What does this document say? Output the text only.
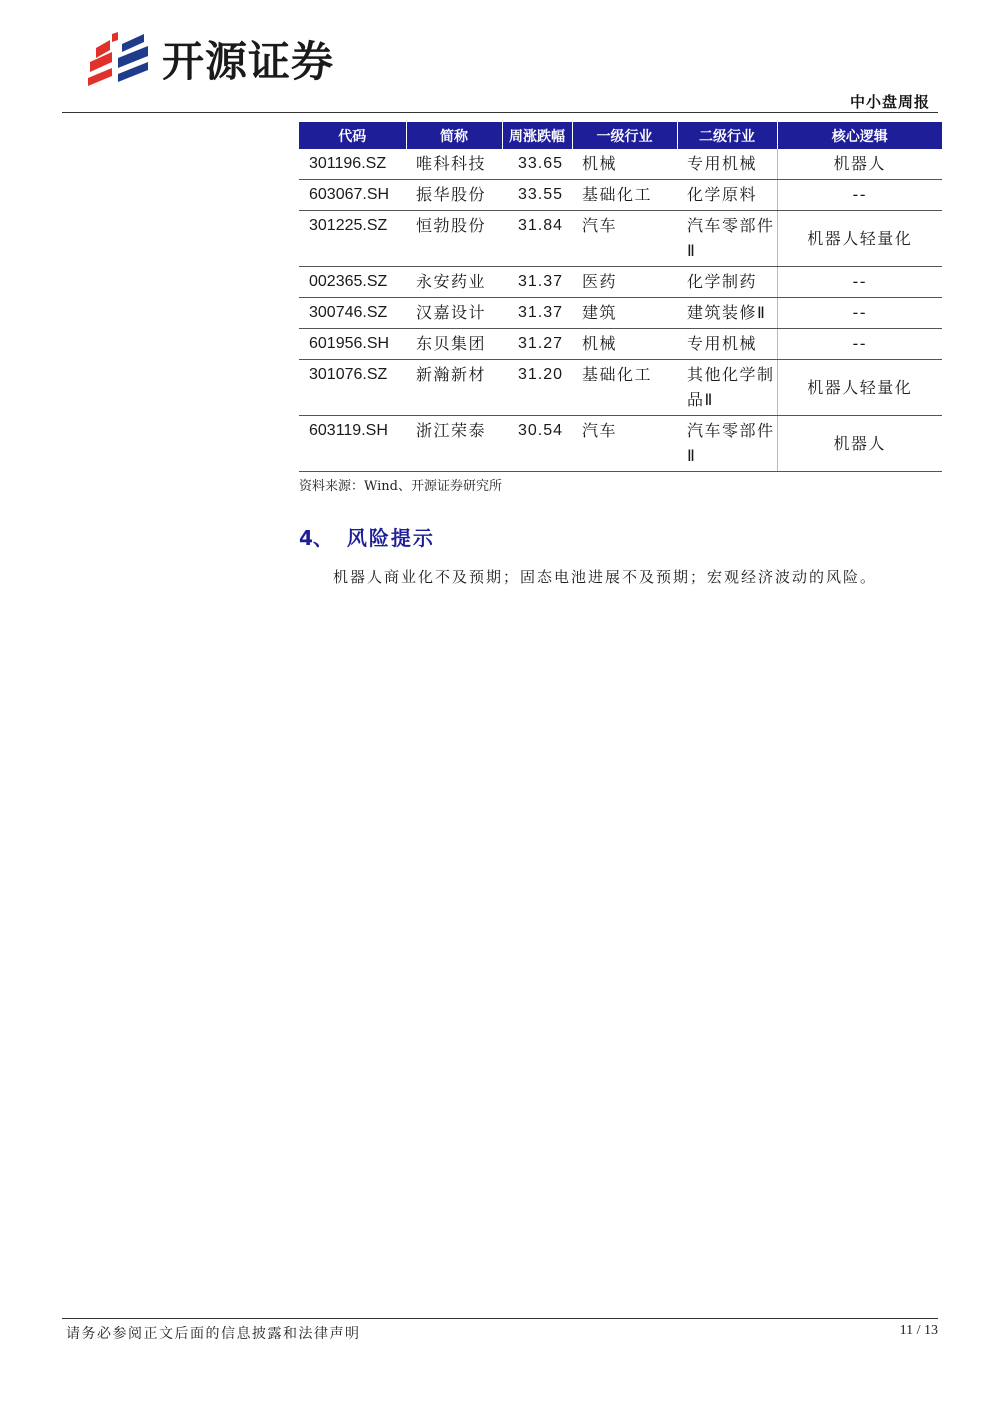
开源证券
中小盘周报
代码	简称	周涨跌幅	一级行业	二级行业	核心逻辑
301196.SZ	唯科科技	33.65	机械	专用机械	机器人
603067.SH	振华股份	33.55	基础化工	化学原料	--
301225.SZ	恒勃股份	31.84	汽车	汽车零部件Ⅱ	机器人轻量化
002365.SZ	永安药业	31.37	医药	化学制药	--
300746.SZ	汉嘉设计	31.37	建筑	建筑装修Ⅱ	--
601956.SH	东贝集团	31.27	机械	专用机械	--
301076.SZ	新瀚新材	31.20	基础化工	其他化学制品Ⅱ	机器人轻量化
603119.SH	浙江荣泰	30.54	汽车	汽车零部件Ⅱ	机器人
资料来源：Wind、开源证券研究所
4、 风险提示
机器人商业化不及预期；固态电池进展不及预期；宏观经济波动的风险。
请务必参阅正文后面的信息披露和法律声明	11 / 13
